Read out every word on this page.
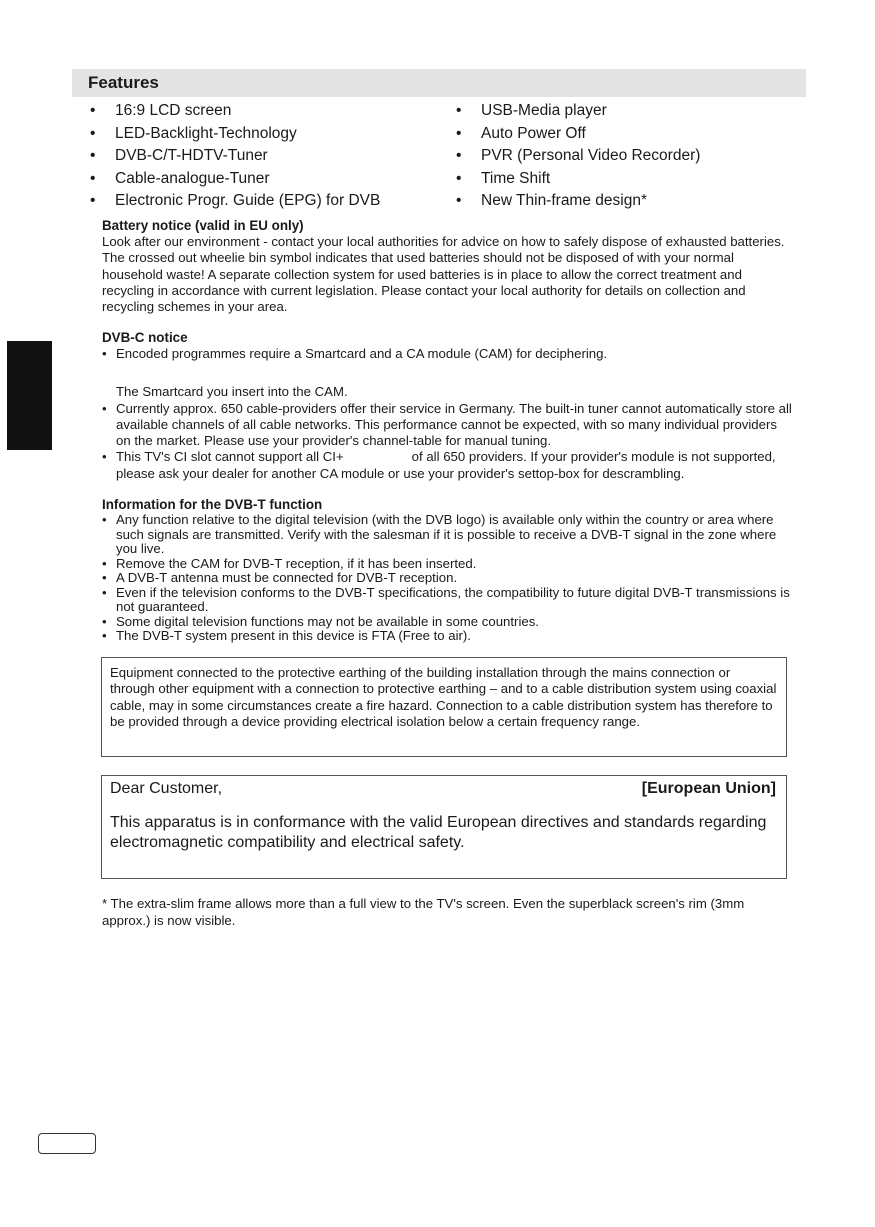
Features
• 16:9 LCD screen
• LED-Backlight-Technology
• DVB-C/T-HDTV-Tuner
• Cable-analogue-Tuner
• Electronic Progr. Guide (EPG) for DVB
• USB-Media player
• Auto Power Off
• PVR (Personal Video Recorder)
• Time Shift
• New Thin-frame design*
Battery notice (valid in EU only)

Look after our environment - contact your local authorities for advice on how to safely dispose of exhausted batteries. The crossed out wheelie bin symbol indicates that used batteries should not be disposed of with your normal household waste! A separate collection system for used batteries is in place to allow the correct treatment and recycling in accordance with current legislation. Please contact your local authority for details on collection and recycling schemes in your area.

DVB-C notice
• Encoded programmes require a Smartcard and a CA module (CAM) for deciphering.

The Smartcard you insert into the CAM.

• Currently approx. 650 cable-providers offer their service in Germany. The built-in tuner cannot automatically store all available channels of all cable networks. This performance cannot be expected, with so many individual providers on the market. Please use your provider's channel-table for manual tuning.
• This TV's CI slot cannot support all CI+	of all 650 providers. If your provider's module is not supported, please ask your dealer for another CA module or use your provider's settop-box for descrambling.
Information for the DVB-T function
• Any function relative to the digital television (with the DVB logo) is available only within the country or area where such signals are transmitted. Verify with the salesman if it is possible to receive a DVB-T signal in the zone where you live.
• Remove the CAM for DVB-T reception, if it has been inserted.
• A DVB-T antenna must be connected for DVB-T reception.
• Even if the television conforms to the DVB-T specifications, the compatibility to future digital DVB-T transmissions is not guaranteed.
• Some digital television functions may not be available in some countries.
• The DVB-T system present in this device is FTA (Free to air).

Equipment connected to the protective earthing of the building installation through the mains connection or through other equipment with a connection to protective earthing – and to a cable distribution system using coaxial cable, may in some circumstances create a fire hazard. Connection to a cable distribution system has therefore to be provided through a device providing electrical isolation below a certain frequency range.

Dear Customer,	[European Union]

This apparatus is in conformance with the valid European directives and standards regarding electromagnetic compatibility and electrical safety.

* The extra-slim frame allows more than a full view to the TV's screen. Even the superblack screen's rim (3mm approx.) is now visible.
